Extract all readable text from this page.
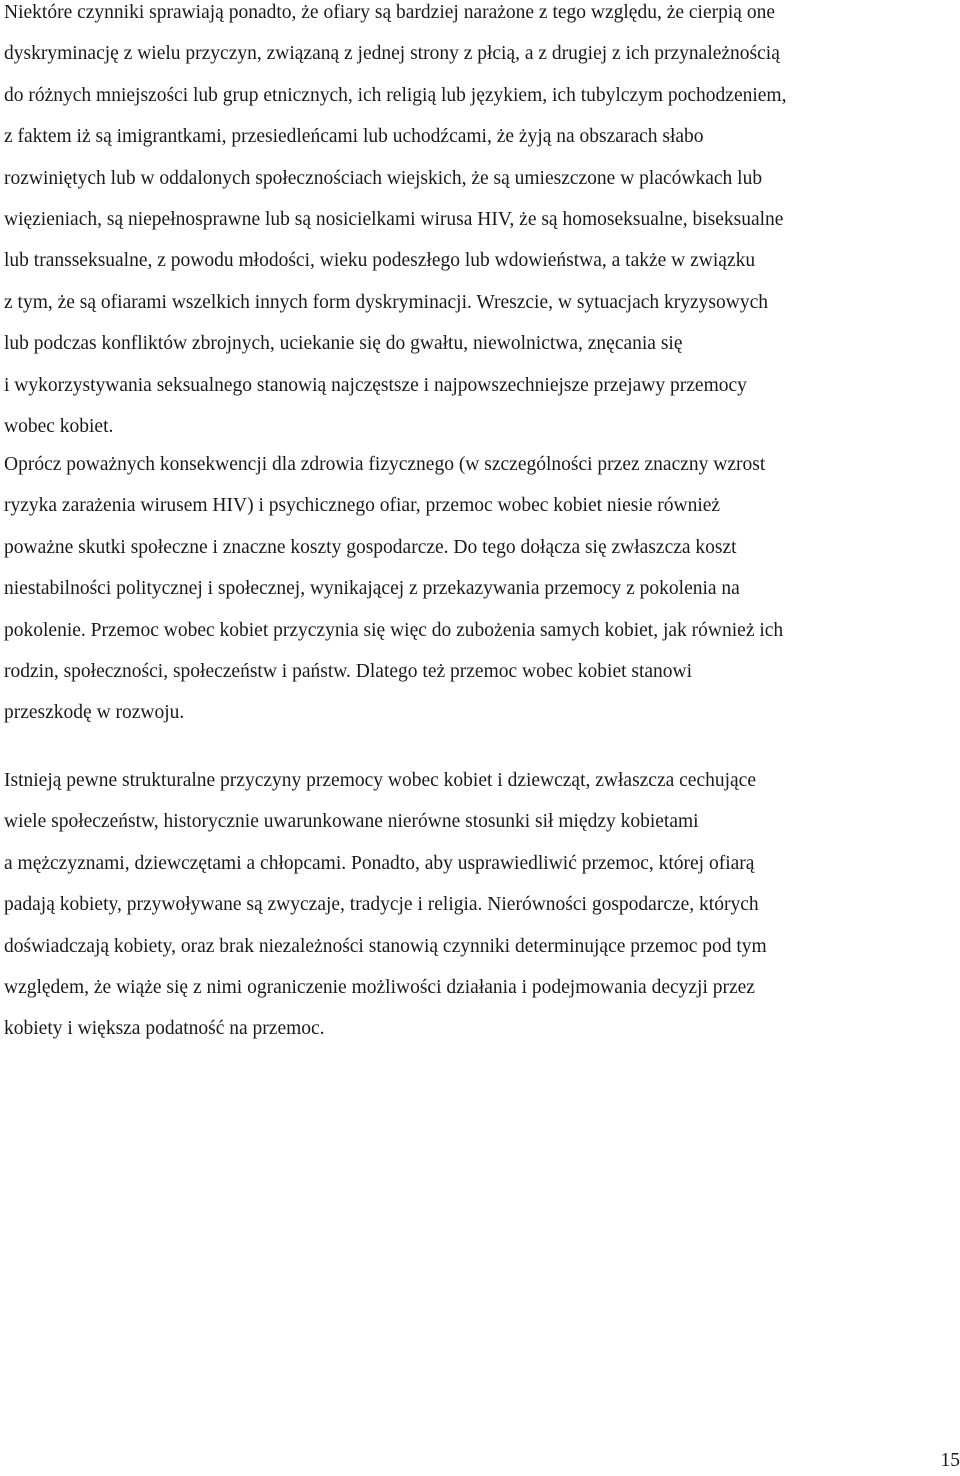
Niektóre czynniki sprawiają ponadto, że ofiary są bardziej narażone z tego względu, że cierpią one
dyskryminację z wielu przyczyn, związaną z jednej strony z płcią, a z drugiej z ich przynależnością
do różnych mniejszości lub grup etnicznych, ich religią lub językiem, ich tubylczym pochodzeniem,
z faktem iż są imigrantkami, przesiedleńcami lub uchodźcami, że żyją na obszarach słabo
rozwiniętych lub w oddalonych społecznościach wiejskich, że są umieszczone w placówkach lub
więzieniach, są niepełnosprawne lub są nosicielkami wirusa HIV, że są homoseksualne, biseksualne
lub transseksualne, z powodu młodości, wieku podeszłego lub wdowieństwa, a także w związku
z tym, że są ofiarami wszelkich innych form dyskryminacji. Wreszcie, w sytuacjach kryzysowych
lub podczas konfliktów zbrojnych, uciekanie się do gwałtu, niewolnictwa, znęcania się
i wykorzystywania seksualnego stanowią najczęstsze i najpowszechniejsze przejawy przemocy
wobec kobiet.

Oprócz poważnych konsekwencji dla zdrowia fizycznego (w szczególności przez znaczny wzrost
ryzyka zarażenia wirusem HIV) i psychicznego ofiar, przemoc wobec kobiet niesie również
poważne skutki społeczne i znaczne koszty gospodarcze. Do tego dołącza się zwłaszcza koszt
niestabilności politycznej i społecznej, wynikającej z przekazywania przemocy z pokolenia na
pokolenie. Przemoc wobec kobiet przyczynia się więc do zubożenia samych kobiet, jak również ich
rodzin, społeczności, społeczeństw i państw. Dlatego też przemoc wobec kobiet stanowi
przeszkodę w rozwoju.

Istnieją pewne strukturalne przyczyny przemocy wobec kobiet i dziewcząt, zwłaszcza cechujące
wiele społeczeństw, historycznie uwarunkowane nierówne stosunki sił między kobietami
a mężczyznami, dziewczętami a chłopcami. Ponadto, aby usprawiedliwić przemoc, której ofiarą
padają kobiety, przywoływane są zwyczaje, tradycje i religia. Nierówności gospodarcze, których
doświadczają kobiety, oraz brak niezależności stanowią czynniki determinujące przemoc pod tym
względem, że wiąże się z nimi ograniczenie możliwości działania i podejmowania decyzji przez
kobiety i większa podatność na przemoc.

15
